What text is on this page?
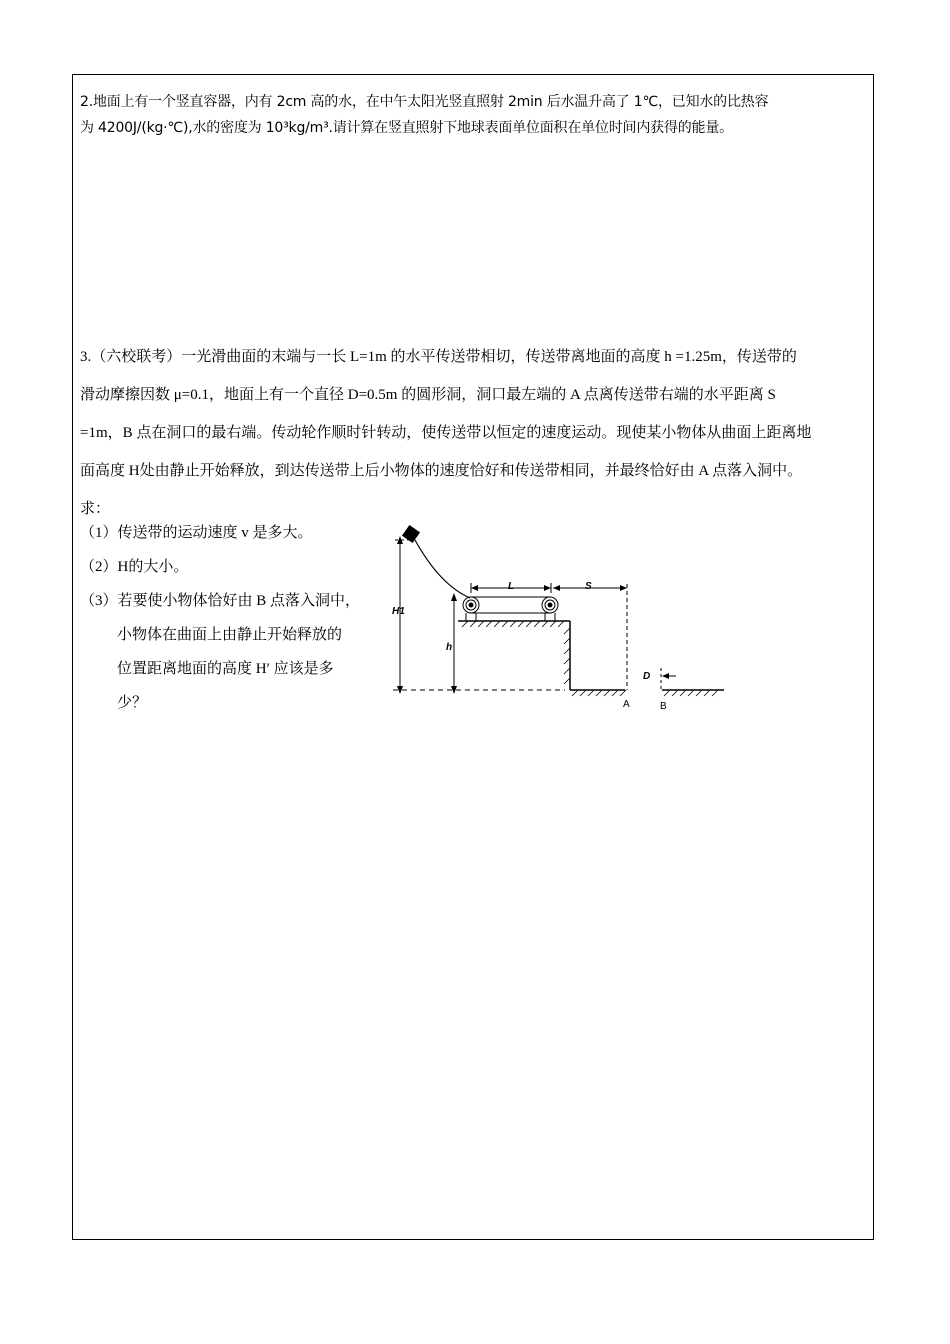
2.地面上有一个竖直容器，内有 2cm 高的水，在中午太阳光竖直照射 2min 后水温升高了 1℃，已知水的比热容
为 4200J/(kg·℃),水的密度为 10³kg/m³.请计算在竖直照射下地球表面单位面积在单位时间内获得的能量。
3.（六校联考）一光滑曲面的末端与一长 L=1m 的水平传送带相切，传送带离地面的高度 h =1.25m，传送带的
滑动摩擦因数 μ=0.1，地面上有一个直径 D=0.5m 的圆形洞，洞口最左端的 A 点离传送带右端的水平距离 S
=1m，B 点在洞口的最右端。传动轮作顺时针转动，使传送带以恒定的速度运动。现使某小物体从曲面上距离地
面高度 H处由静止开始释放，到达传送带上后小物体的速度恰好和传送带相同，并最终恰好由 A 点落入洞中。
求：
（1）传送带的运动速度 v 是多大。
（2）H的大小。
（3）若要使小物体恰好由 B 点落入洞中，
小物体在曲面上由静止开始释放的
位置距离地面的高度 H′ 应该是多
少？
H1
h
L	S
D
A	B
